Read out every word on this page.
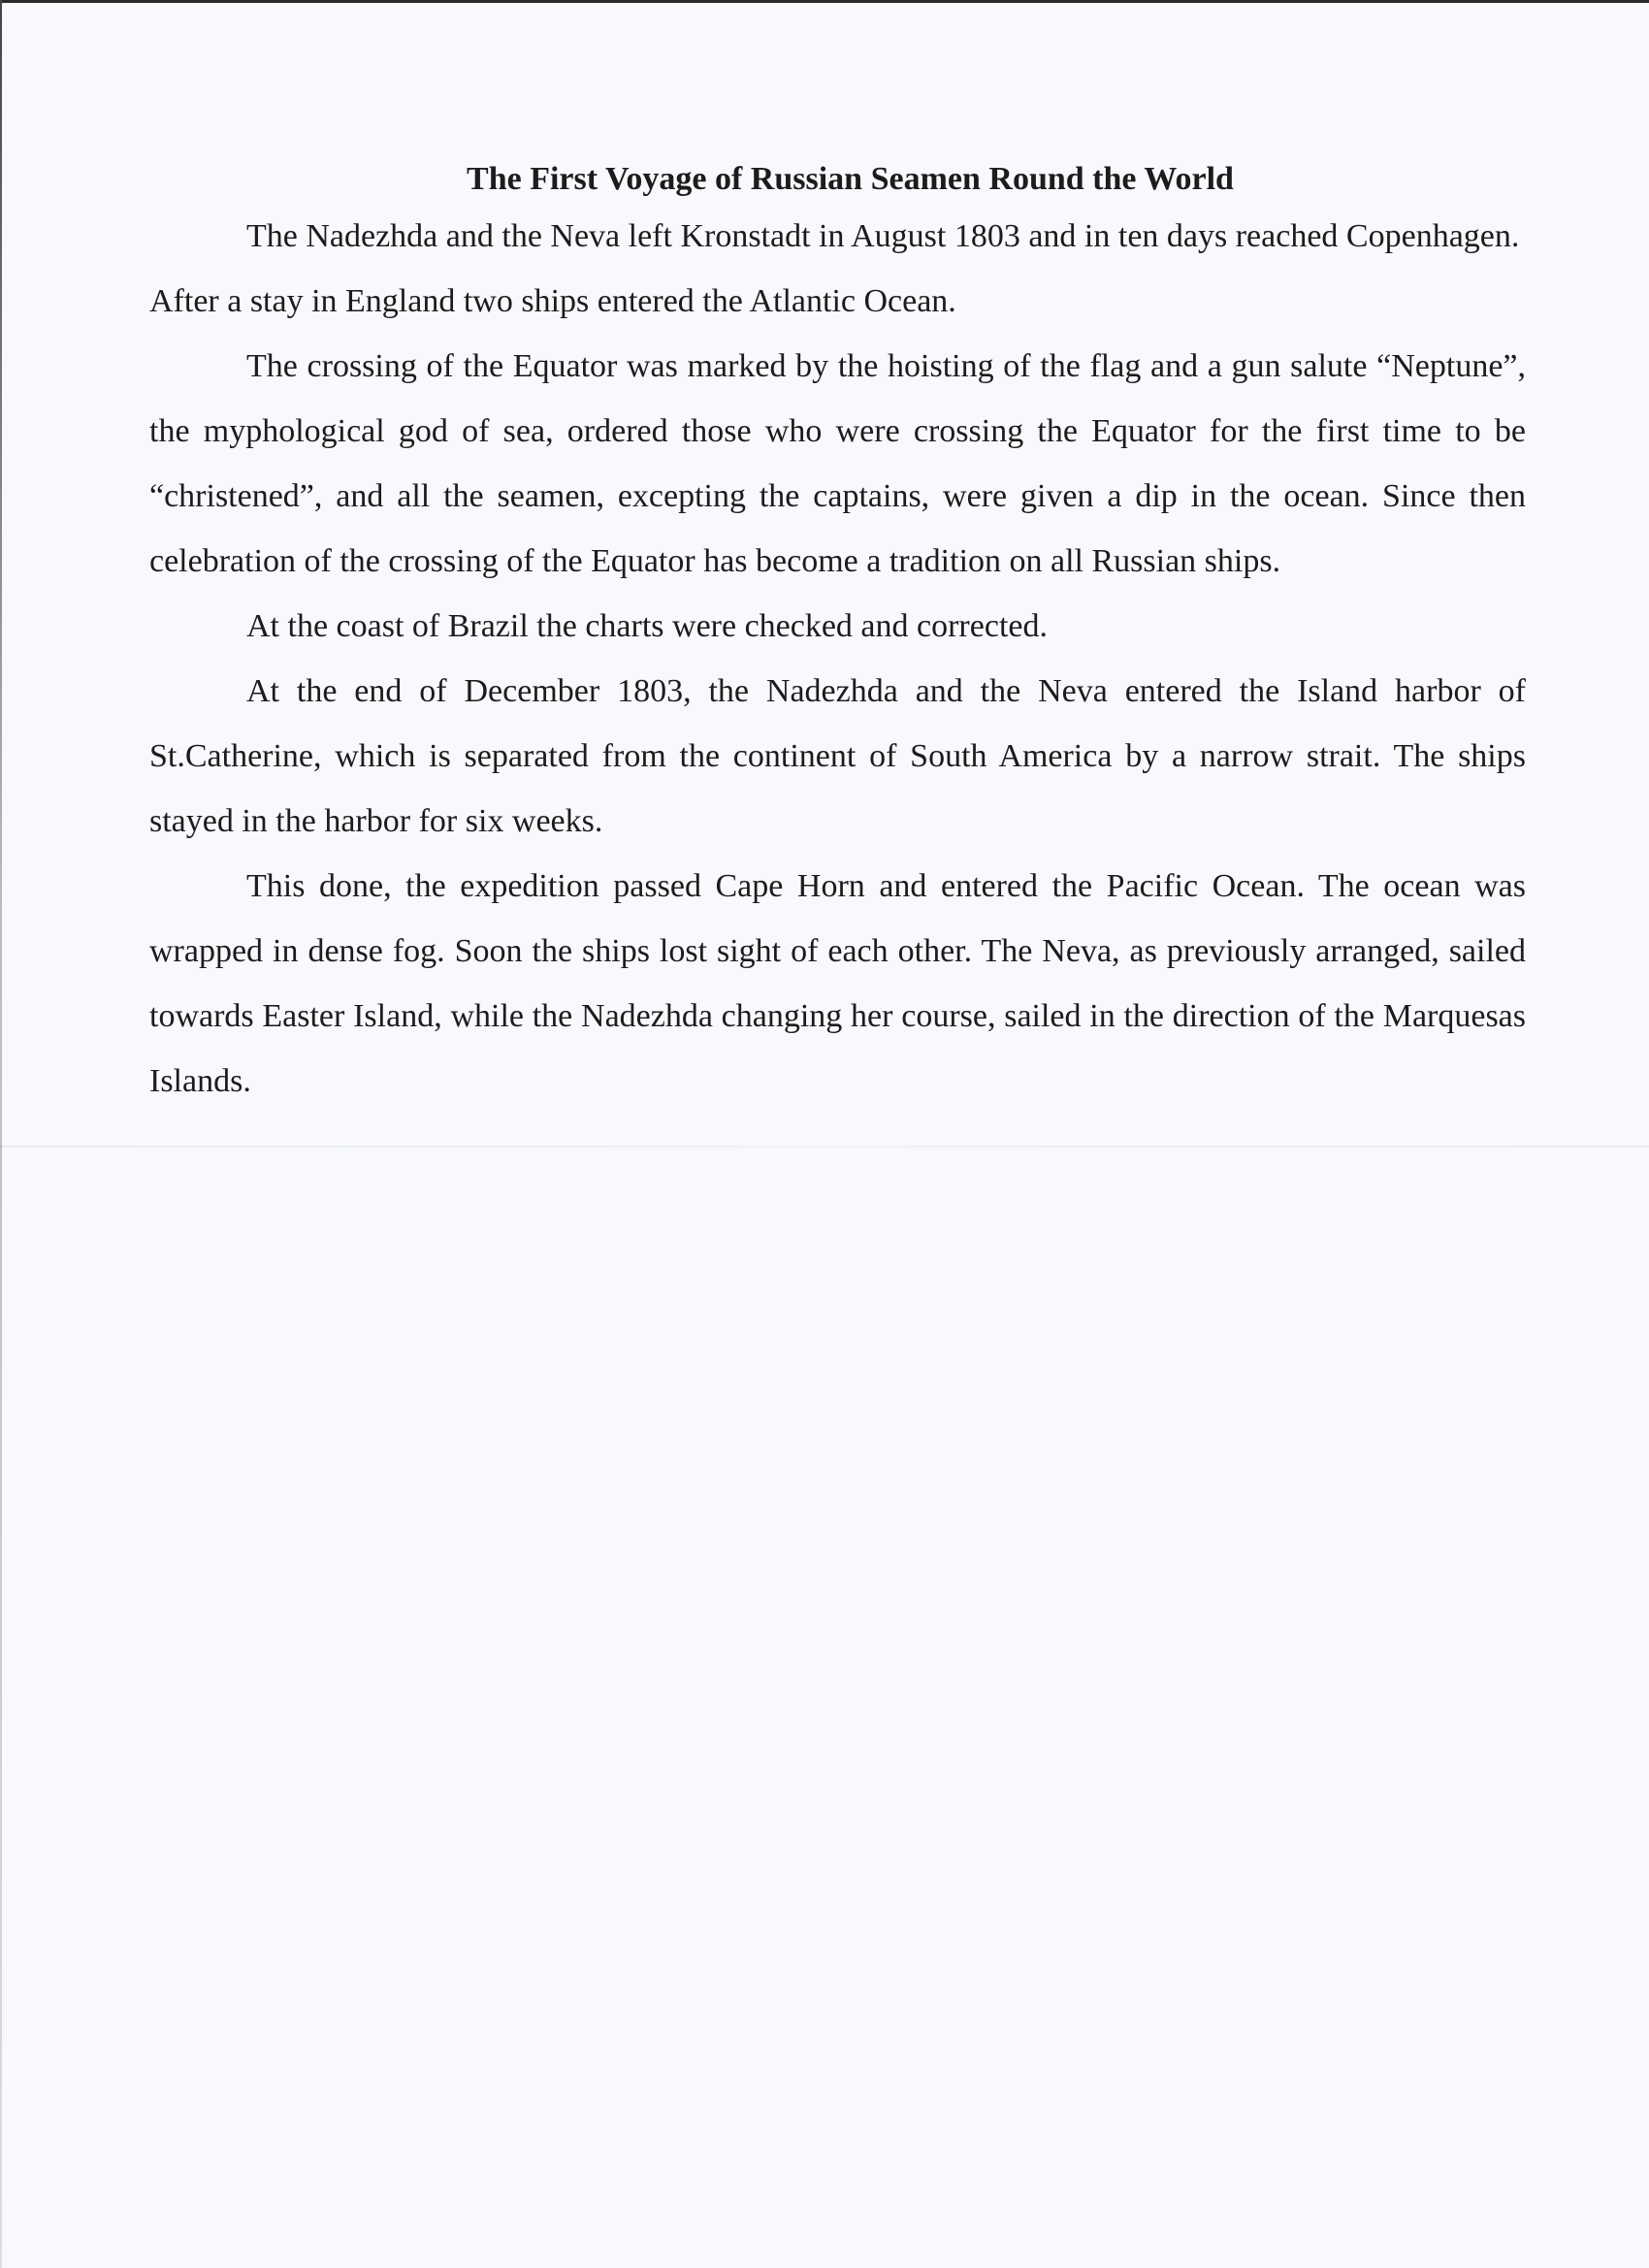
The First Voyage of Russian Seamen Round the World

The Nadezhda and the Neva left Kronstadt in August 1803 and in ten days reached Copenhagen.

After a stay in England two ships entered the Atlantic Ocean.

The crossing of the Equator was marked by the hoisting of the flag and a gun salute “Neptune”, the myphological god of sea, ordered those who were crossing the Equator for the first time to be “christened”, and all the seamen, excepting the captains, were given a dip in the ocean. Since then celebration of the crossing of the Equator has become a tradition on all Russian ships.

At the coast of Brazil the charts were checked and corrected.

At the end of December 1803, the Nadezhda and the Neva entered the Island harbor of St.Catherine, which is separated from the continent of South America by a narrow strait. The ships stayed in the harbor for six weeks.

This done, the expedition passed Cape Horn and entered the Pacific Ocean. The ocean was wrapped in dense fog. Soon the ships lost sight of each other. The Neva, as previously arranged, sailed towards Easter Island, while the Nadezhda changing her course, sailed in the direction of the Marquesas Islands.
